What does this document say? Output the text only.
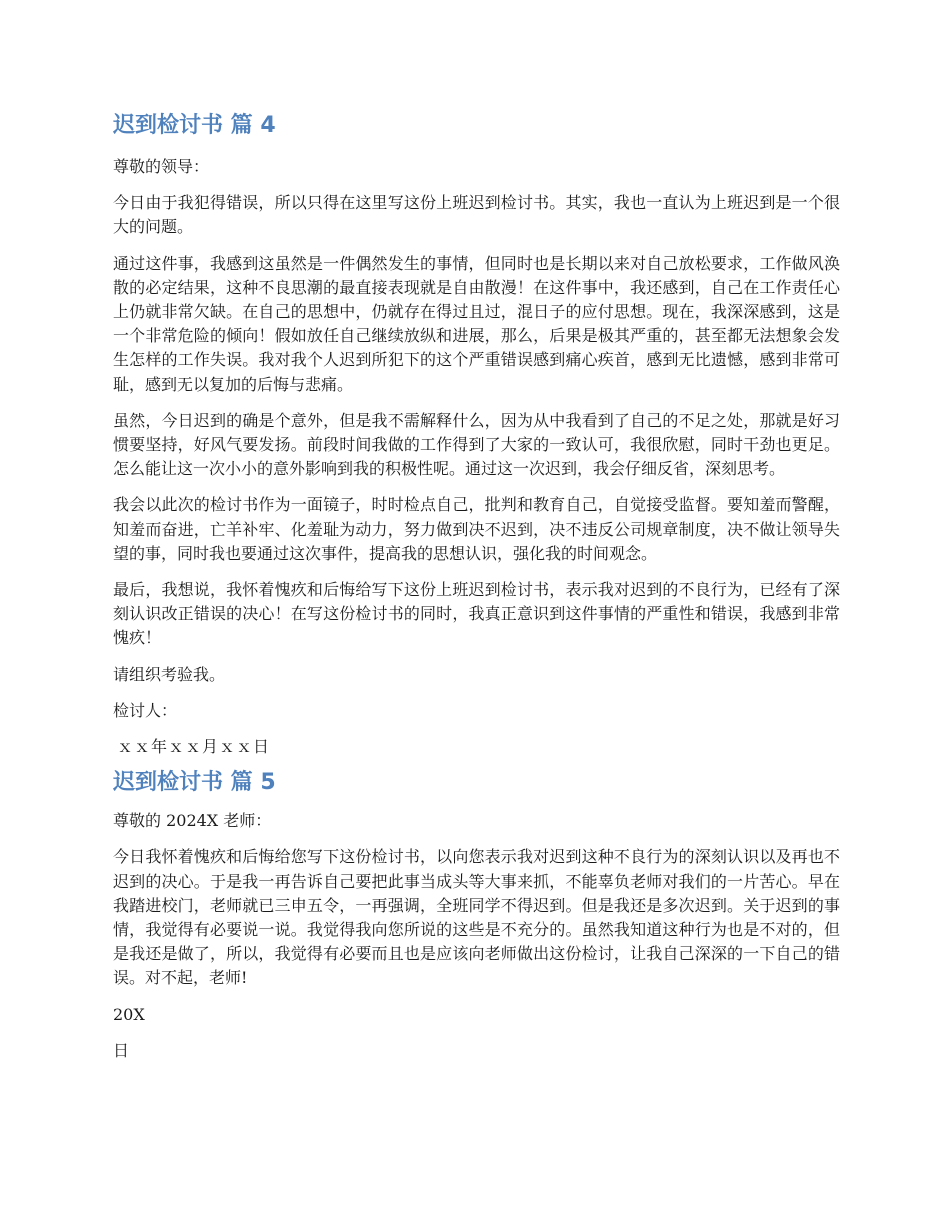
迟到检讨书 篇 4

尊敬的领导：

今日由于我犯得错误，所以只得在这里写这份上班迟到检讨书。其实，我也一直认为上班迟到是一个很大的问题。

通过这件事，我感到这虽然是一件偶然发生的事情，但同时也是长期以来对自己放松要求，工作做风涣散的必定结果，这种不良思潮的最直接表现就是自由散漫！在这件事中，我还感到，自己在工作责任心上仍就非常欠缺。在自己的思想中，仍就存在得过且过，混日子的应付思想。现在，我深深感到，这是一个非常危险的倾向！假如放任自己继续放纵和进展，那么，后果是极其严重的，甚至都无法想象会发生怎样的工作失误。我对我个人迟到所犯下的这个严重错误感到痛心疾首，感到无比遗憾，感到非常可耻，感到无以复加的后悔与悲痛。

虽然，今日迟到的确是个意外，但是我不需解释什么，因为从中我看到了自己的不足之处，那就是好习惯要坚持，好风气要发扬。前段时间我做的工作得到了大家的一致认可，我很欣慰，同时干劲也更足。怎么能让这一次小小的意外影响到我的积极性呢。通过这一次迟到，我会仔细反省，深刻思考。

我会以此次的检讨书作为一面镜子，时时检点自己，批判和教育自己，自觉接受监督。要知羞而警醒，知羞而奋进，亡羊补牢、化羞耻为动力，努力做到决不迟到，决不违反公司规章制度，决不做让领导失望的事，同时我也要通过这次事件，提高我的思想认识，强化我的时间观念。

最后，我想说，我怀着愧疚和后悔给写下这份上班迟到检讨书，表示我对迟到的不良行为，已经有了深刻认识改正错误的决心！在写这份检讨书的同时，我真正意识到这件事情的严重性和错误，我感到非常愧疚！

请组织考验我。

检讨人：

ｘｘ年ｘｘ月ｘｘ日

迟到检讨书 篇 5

尊敬的 2024X 老师：

今日我怀着愧疚和后悔给您写下这份检讨书，以向您表示我对迟到这种不良行为的深刻认识以及再也不迟到的决心。于是我一再告诉自己要把此事当成头等大事来抓，不能辜负老师对我们的一片苦心。早在我踏进校门，老师就已三申五令，一再强调，全班同学不得迟到。但是我还是多次迟到。关于迟到的事情，我觉得有必要说一说。我觉得我向您所说的这些是不充分的。虽然我知道这种行为也是不对的，但是我还是做了，所以，我觉得有必要而且也是应该向老师做出这份检讨，让我自己深深的一下自己的错误。对不起，老师!

20X

日
